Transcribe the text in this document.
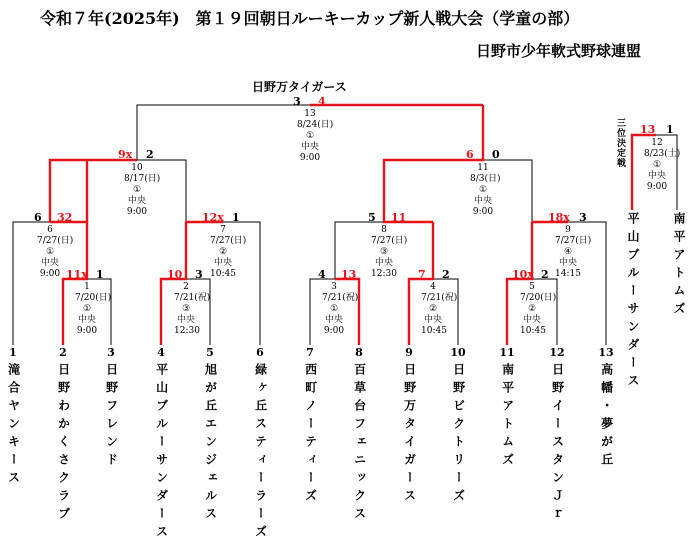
令和７年(2025年)　第１９回朝日ルーキーカップ新人戦大会（学童の部）
日野市少年軟式野球連盟
日野万タイガース
3 4
9x 2	6 0
6 32	12x 1	5 11	18x 3
11x 1	10 3	4 13	7 2	10x 2
13 1
1
7/20(日)
①
中央
9:00
2
7/21(祝)
③
中央
12:30
3
7/21(祝)
①
中央
9:00
4
7/21(祝)
②
中央
10:45
5
7/20(日)
②
中央
10:45
6
7/27(日)
①
中央
9:00
7
7/27(日)
②
中央
10:45
8
7/27(日)
③
中央
12:30
9
7/27(日)
④
中央
14:15
10
8/17(日)
①
中央
9:00
11
8/3(日)
①
中央
9:00
12
8/23(土)
①
中央
9:00
13
8/24(日)
①
中央
9:00	三位決定戦
平山ブルーサンダース	南平アトムズ
1
滝合ヤンキース
2
日野わかくさクラブ
3
日野フレンド
4
平山ブルーサンダース
5
旭が丘エンジェルス
6
緑ヶ丘スティーラーズ
7
西町ノーティーズ
8
百草台フェニックス
9
日野万タイガース
10
日野ビクトリーズ
11
南平アトムズ
12
日野イースタンＪｒ
13
高幡・夢が丘
